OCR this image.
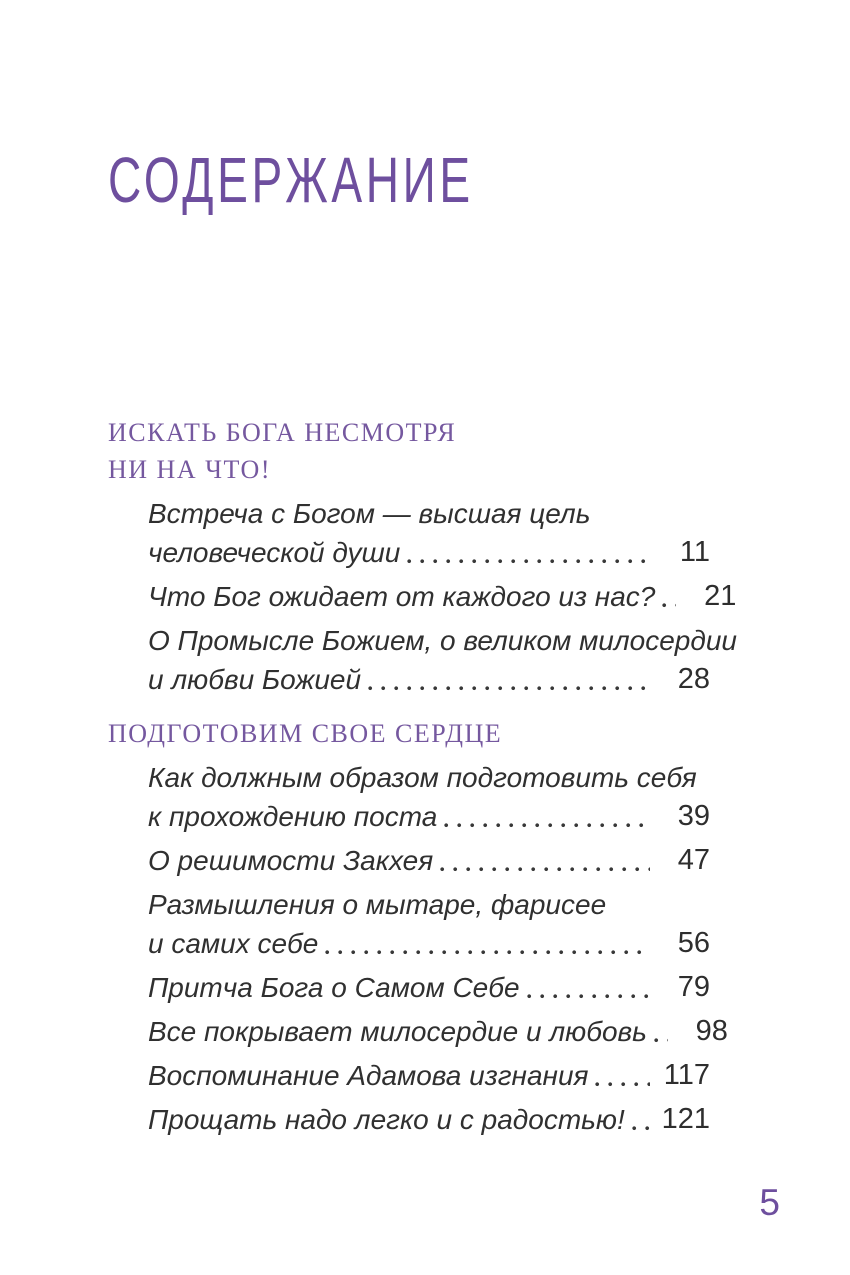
СОДЕРЖАНИЕ
ИСКАТЬ БОГА НЕСМОТРЯ
НИ НА ЧТО!
Встреча с Богом — высшая цель
человеческой души	11
Что Бог ожидает от каждого из нас?	21
О Промысле Божием, о великом милосердии
и любви Божией	28
ПОДГОТОВИМ СВОЕ СЕРДЦЕ
Как должным образом подготовить себя
к прохождению поста	39
О решимости Закхея	47
Размышления о мытаре, фарисее
и самих себе	56
Притча Бога о Самом Себе	79
Все покрывает милосердие и любовь	98
Воспоминание Адамова изгнания	117
Прощать надо легко и с радостью! 121
5
